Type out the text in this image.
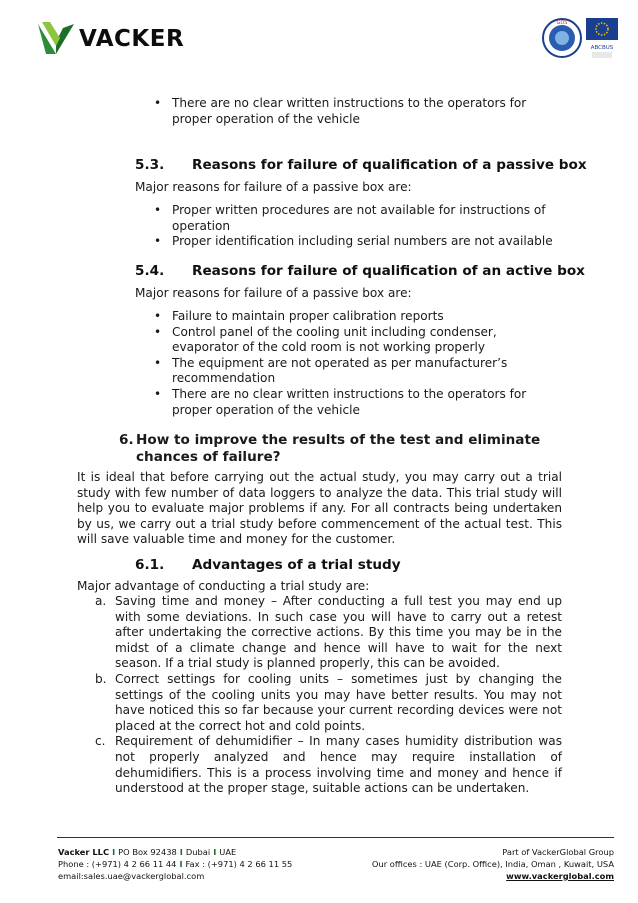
VACKER
GDS
ABCBUS
• There are no clear written instructions to the operators for proper operation of the vehicle
5.3. Reasons for failure of qualification of a passive box
Major reasons for failure of a passive box are:
• Proper written procedures are not available for instructions of operation
• Proper identification including serial numbers are not available
5.4. Reasons for failure of qualification of an active box
Major reasons for failure of a passive box are:
• Failure to maintain proper calibration reports
• Control panel of the cooling unit including condenser, evaporator of the cold room is not working properly
• The equipment are not operated as per manufacturer’s recommendation
• There are no clear written instructions to the operators for proper operation of the vehicle
6. How to improve the results of the test and eliminate chances of failure?
It is ideal that before carrying out the actual study, you may carry out a trial study with few number of data loggers to analyze the data. This trial study will help you to evaluate major problems if any. For all contracts being undertaken by us, we carry out a trial study before commencement of the actual test. This will save valuable time and money for the customer.
6.1. Advantages of a trial study
Major advantage of conducting a trial study are:
a. Saving time and money – After conducting a full test you may end up with some deviations. In such case you will have to carry out a retest after undertaking the corrective actions. By this time you may be in the midst of a climate change and hence will have to wait for the next season. If a trial study is planned properly, this can be avoided.
b. Correct settings for cooling units – sometimes just by changing the settings of the cooling units you may have better results. You may not have noticed this so far because your current recording devices were not placed at the correct hot and cold points.
c. Requirement of dehumidifier – In many cases humidity distribution was not properly analyzed and hence may require installation of dehumidifiers. This is a process involving time and money and hence if understood at the proper stage, suitable actions can be undertaken.
Vacker LLC I PO Box 92438 I Dubai I UAE
Phone : (+971) 4 2 66 11 44 I Fax : (+971) 4 2 66 11 55
email:sales.uae@vackerglobal.com
Part of VackerGlobal Group
Our offices : UAE (Corp. Office), India, Oman , Kuwait, USA
www.vackerglobal.com
